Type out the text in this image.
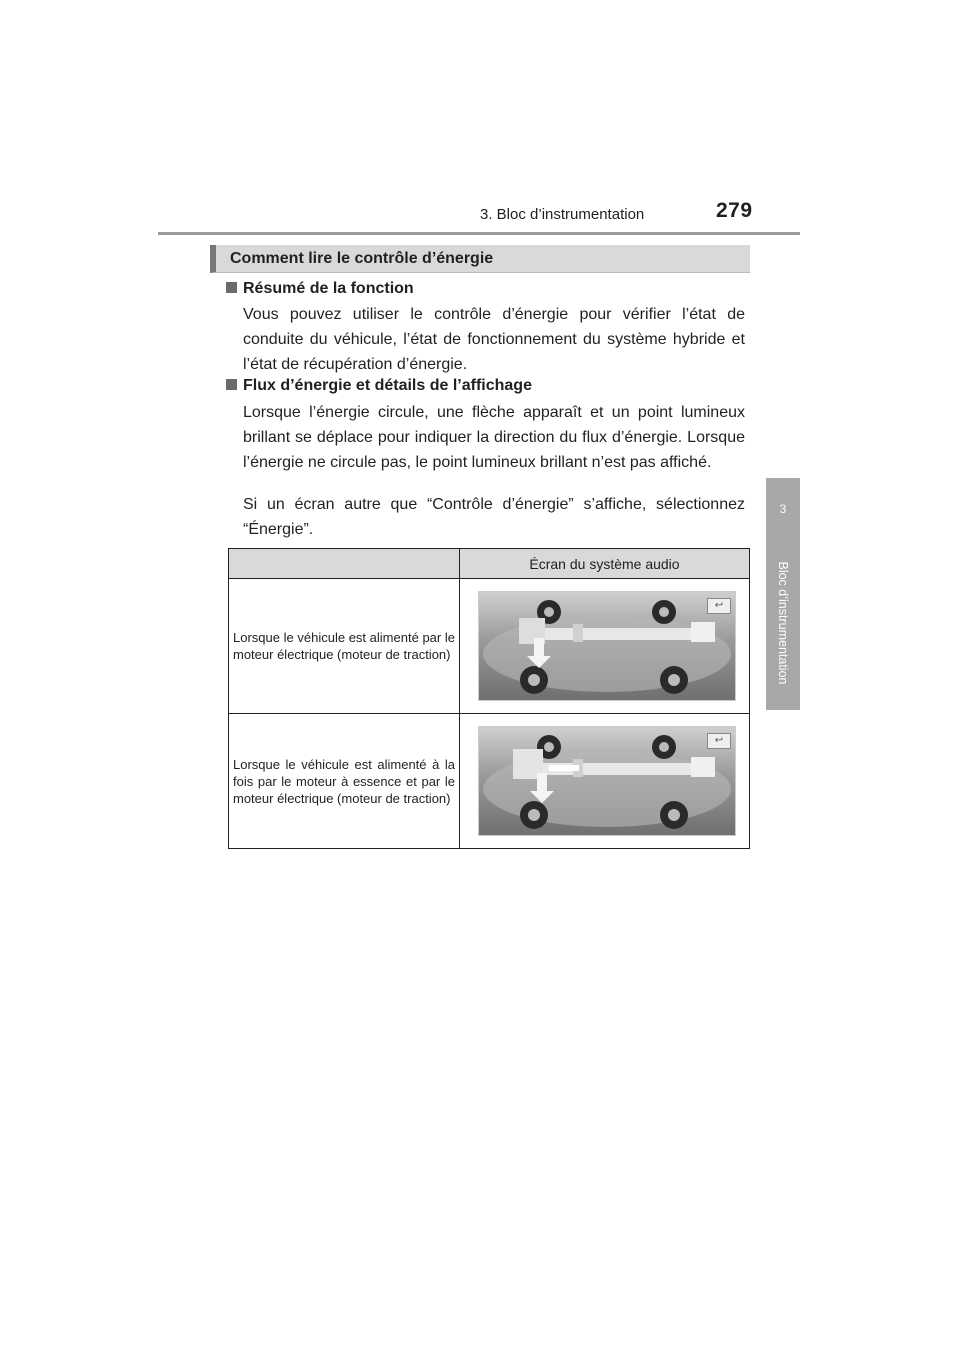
3. Bloc d’instrumentation	279
3
Bloc d’instrumentation
Comment lire le contrôle d’énergie
Résumé de la fonction
Vous pouvez utiliser le contrôle d’énergie pour vérifier l’état de conduite du véhicule, l’état de fonctionnement du système hybride et l’état de récupération d’énergie.
Flux d’énergie et détails de l’affichage
Lorsque l’énergie circule, une flèche apparaît et un point lumineux brillant se déplace pour indiquer la direction du flux d’énergie. Lorsque l’énergie ne circule pas, le point lumineux brillant n’est pas affiché.
Si un écran autre que “Contrôle d’énergie” s’affiche, sélectionnez “Énergie”.
	Écran du système audio
Lorsque le véhicule est alimenté par le moteur électrique (moteur de traction)	↩

Lorsque le véhicule est alimenté à la fois par le moteur à essence et par le moteur électrique (moteur de traction)	↩
